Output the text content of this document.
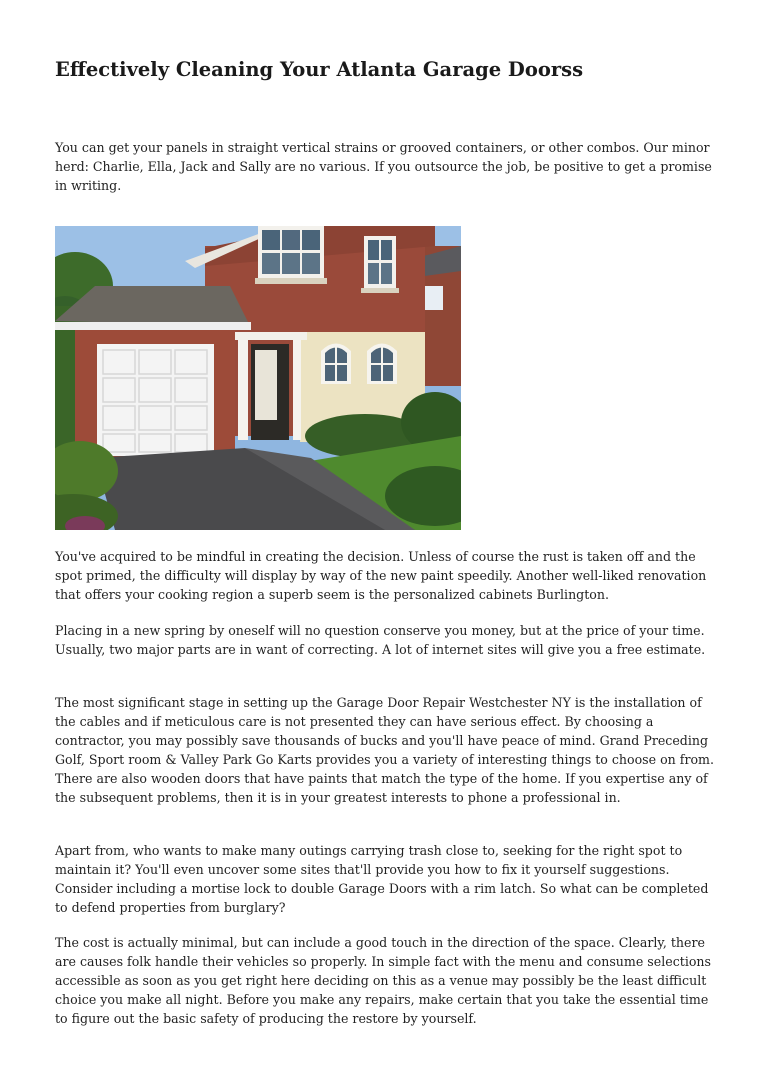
Effectively Cleaning Your Atlanta Garage Doorss

You can get your panels in straight vertical strains or grooved containers, or other combos. Our minor herd: Charlie, Ella, Jack and Sally are no various. If you outsource the job, be positive to get a promise in writing.

You've acquired to be mindful in creating the decision. Unless of course the rust is taken off and the spot primed, the difficulty will display by way of the new paint speedily. Another well-liked renovation that offers your cooking region a superb seem is the personalized cabinets Burlington.

Placing in a new spring by oneself will no question conserve you money, but at the price of your time. Usually, two major parts are in want of correcting. A lot of internet sites will give you a free estimate.

The most significant stage in setting up the Garage Door Repair Westchester NY is the installation of the cables and if meticulous care is not presented they can have serious effect. By choosing a contractor, you may possibly save thousands of bucks and you'll have peace of mind. Grand Preceding Golf, Sport room & Valley Park Go Karts provides you a variety of interesting things to choose on from. There are also wooden doors that have paints that match the type of the home. If you expertise any of the subsequent problems, then it is in your greatest interests to phone a professional in.

Apart from, who wants to make many outings carrying trash close to, seeking for the right spot to maintain it? You'll even uncover some sites that'll provide you how to fix it yourself suggestions. Consider including a mortise lock to double Garage Doors with a rim latch. So what can be completed to defend properties from burglary?

The cost is actually minimal, but can include a good touch in the direction of the space. Clearly, there are causes folk handle their vehicles so properly. In simple fact with the menu and consume selections accessible as soon as you get right here deciding on this as a venue may possibly be the least difficult choice you make all night. Before you make any repairs, make certain that you take the essential time to figure out the basic safety of producing the restore by yourself.
